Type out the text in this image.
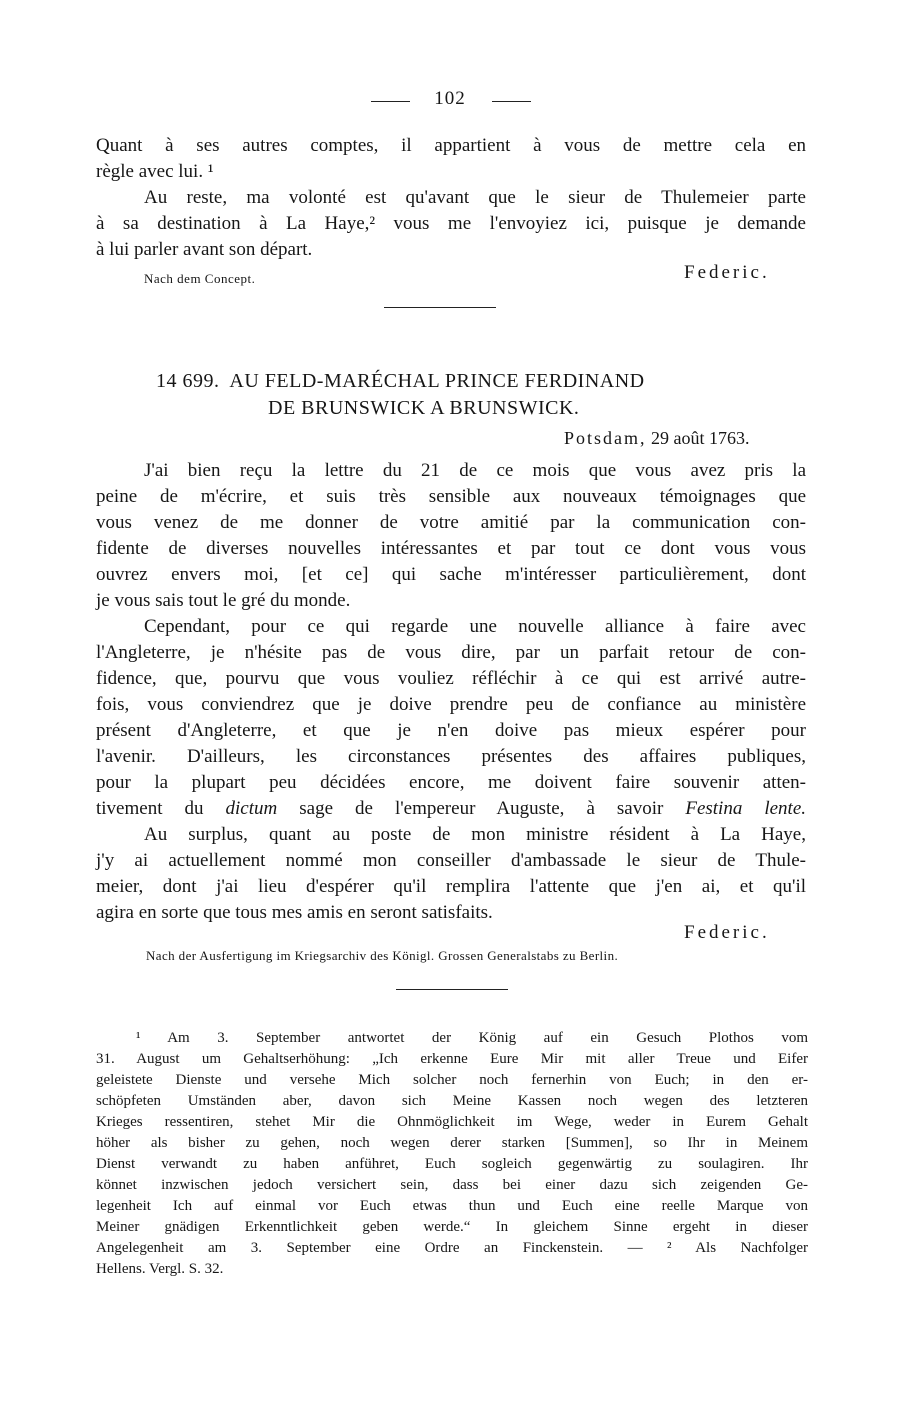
102
Quant à ses autres comptes, il appartient à vous de mettre cela en
règle avec lui. ¹
Au reste, ma volonté est qu'avant que le sieur de Thulemeier parte
à sa destination à La Haye,² vous me l'envoyiez ici, puisque je demande
à lui parler avant son départ.
Nach dem Concept.	Federic.
14 699.  AU FELD-MARÉCHAL PRINCE FERDINAND
DE BRUNSWICK A BRUNSWICK.
Potsdam, 29 août 1763.
J'ai bien reçu la lettre du 21 de ce mois que vous avez pris la
peine de m'écrire, et suis très sensible aux nouveaux témoignages que
vous venez de me donner de votre amitié par la communication con-
fidente de diverses nouvelles intéressantes et par tout ce dont vous vous
ouvrez envers moi, [et ce] qui sache m'intéresser particulièrement, dont
je vous sais tout le gré du monde.
Cependant, pour ce qui regarde une nouvelle alliance à faire avec
l'Angleterre, je n'hésite pas de vous dire, par un parfait retour de con-
fidence, que, pourvu que vous vouliez réfléchir à ce qui est arrivé autre-
fois, vous conviendrez que je doive prendre peu de confiance au ministère
présent d'Angleterre, et que je n'en doive pas mieux espérer pour
l'avenir. D'ailleurs, les circonstances présentes des affaires publiques,
pour la plupart peu décidées encore, me doivent faire souvenir atten-
tivement du dictum sage de l'empereur Auguste, à savoir Festina lente.
Au surplus, quant au poste de mon ministre résident à La Haye,
j'y ai actuellement nommé mon conseiller d'ambassade le sieur de Thule-
meier, dont j'ai lieu d'espérer qu'il remplira l'attente que j'en ai, et qu'il
agira en sorte que tous mes amis en seront satisfaits.
Federic.
Nach der Ausfertigung im Kriegsarchiv des Königl. Grossen Generalstabs zu Berlin.
¹ Am 3. September antwortet der König auf ein Gesuch Plothos vom
31. August um Gehaltserhöhung: „Ich erkenne Eure Mir mit aller Treue und Eifer
geleistete Dienste und versehe Mich solcher noch fernerhin von Euch; in den er-
schöpfeten Umständen aber, davon sich Meine Kassen noch wegen des letzteren
Krieges ressentiren, stehet Mir die Ohnmöglichkeit im Wege, weder in Eurem Gehalt
höher als bisher zu gehen, noch wegen derer starken [Summen], so Ihr in Meinem
Dienst verwandt zu haben anführet, Euch sogleich gegenwärtig zu soulagiren. Ihr
könnet inzwischen jedoch versichert sein, dass bei einer dazu sich zeigenden Ge-
legenheit Ich auf einmal vor Euch etwas thun und Euch eine reelle Marque von
Meiner gnädigen Erkenntlichkeit geben werde.“ In gleichem Sinne ergeht in dieser
Angelegenheit am 3. September eine Ordre an Finckenstein. — ² Als Nachfolger
Hellens. Vergl. S. 32.
